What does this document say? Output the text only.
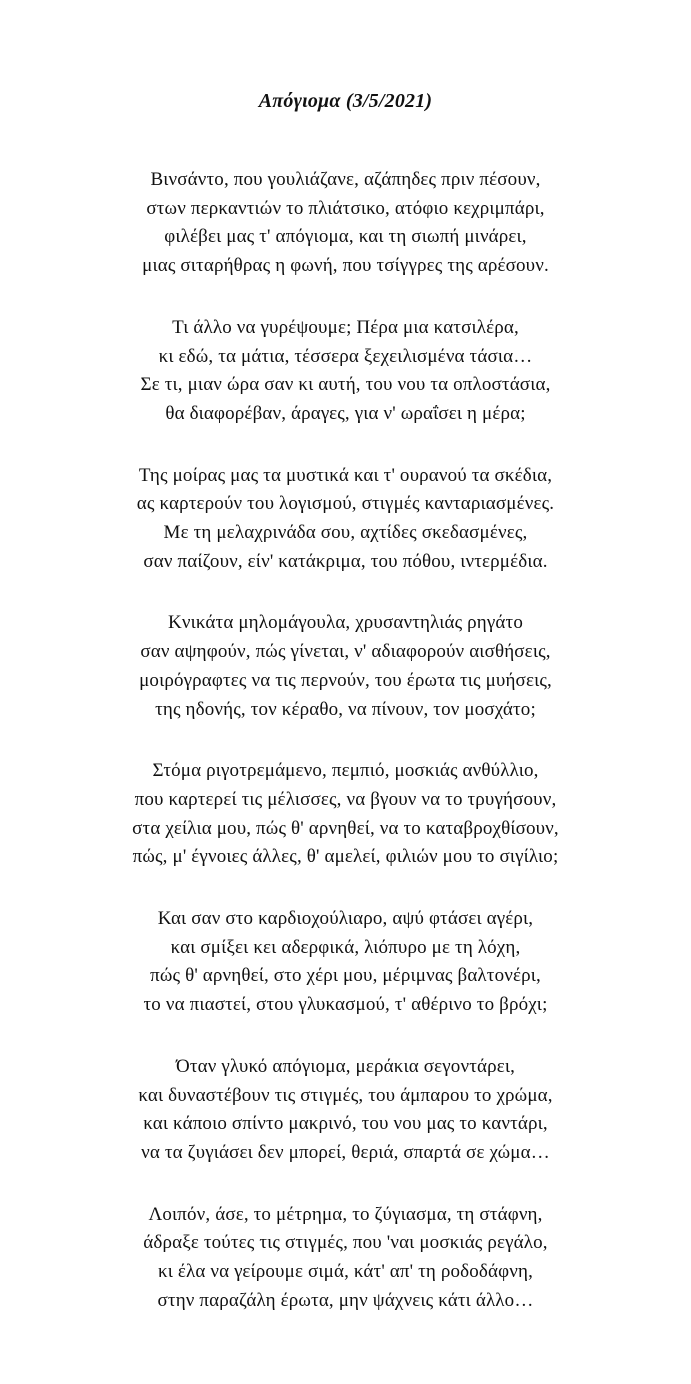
Απόγιομα (3/5/2021)
Βινσάντο, που γουλιάζανε, αζάπηδες πριν πέσουν,
στων περκαντιών το πλιάτσικο, ατόφιο κεχριμπάρι,
φιλέβει μας τ' απόγιομα, και τη σιωπή μινάρει,
μιας σιταρήθρας η φωνή, που τσίγγρες της αρέσουν.
Τι άλλο να γυρέψουμε; Πέρα μια κατσιλέρα,
κι εδώ, τα μάτια, τέσσερα ξεχειλισμένα τάσια…
Σε τι, μιαν ώρα σαν κι αυτή, του νου τα οπλοστάσια,
θα διαφορέβαν, άραγες, για ν' ωραΐσει η μέρα;
Της μοίρας μας τα μυστικά και τ' ουρανού τα σκέδια,
ας καρτερούν του λογισμού, στιγμές κανταριασμένες.
Με τη μελαχρινάδα σου, αχτίδες σκεδασμένες,
σαν παίζουν, είν' κατάκριμα, του πόθου, ιντερμέδια.
Κνικάτα μηλομάγουλα, χρυσαντηλιάς ρηγάτο
σαν αψηφούν, πώς γίνεται, ν' αδιαφορούν αισθήσεις,
μοιρόγραφτες να τις περνούν, του έρωτα τις μυήσεις,
της ηδονής, τον κέραθο, να πίνουν, τον μοσχάτο;
Στόμα ριγοτρεμάμενο, πεμπιό, μοσκιάς ανθύλλιο,
που καρτερεί τις μέλισσες, να βγουν να το τρυγήσουν,
στα χείλια μου, πώς θ' αρνηθεί, να το καταβροχθίσουν,
πώς, μ' έγνοιες άλλες, θ' αμελεί, φιλιών μου το σιγίλιο;
Και σαν στο καρδιοχούλιαρο, αψύ φτάσει αγέρι,
και σμίξει κει αδερφικά, λιόπυρο με τη λόχη,
πώς θ' αρνηθεί, στο χέρι μου, μέριμνας βαλτονέρι,
το να πιαστεί, στου γλυκασμού, τ' αθέρινο το βρόχι;
Όταν γλυκό απόγιομα, μεράκια σεγοντάρει,
και δυναστέβουν τις στιγμές, του άμπαρου το χρώμα,
και κάποιο σπίντο μακρινό, του νου μας το καντάρι,
να τα ζυγιάσει δεν μπορεί, θεριά, σπαρτά σε χώμα…
Λοιπόν, άσε, το μέτρημα, το ζύγιασμα, τη στάφνη,
άδραξε τούτες τις στιγμές, που 'ναι μοσκιάς ρεγάλο,
κι έλα να γείρουμε σιμά, κάτ' απ' τη ροδοδάφνη,
στην παραζάλη έρωτα, μην ψάχνεις κάτι άλλο…
